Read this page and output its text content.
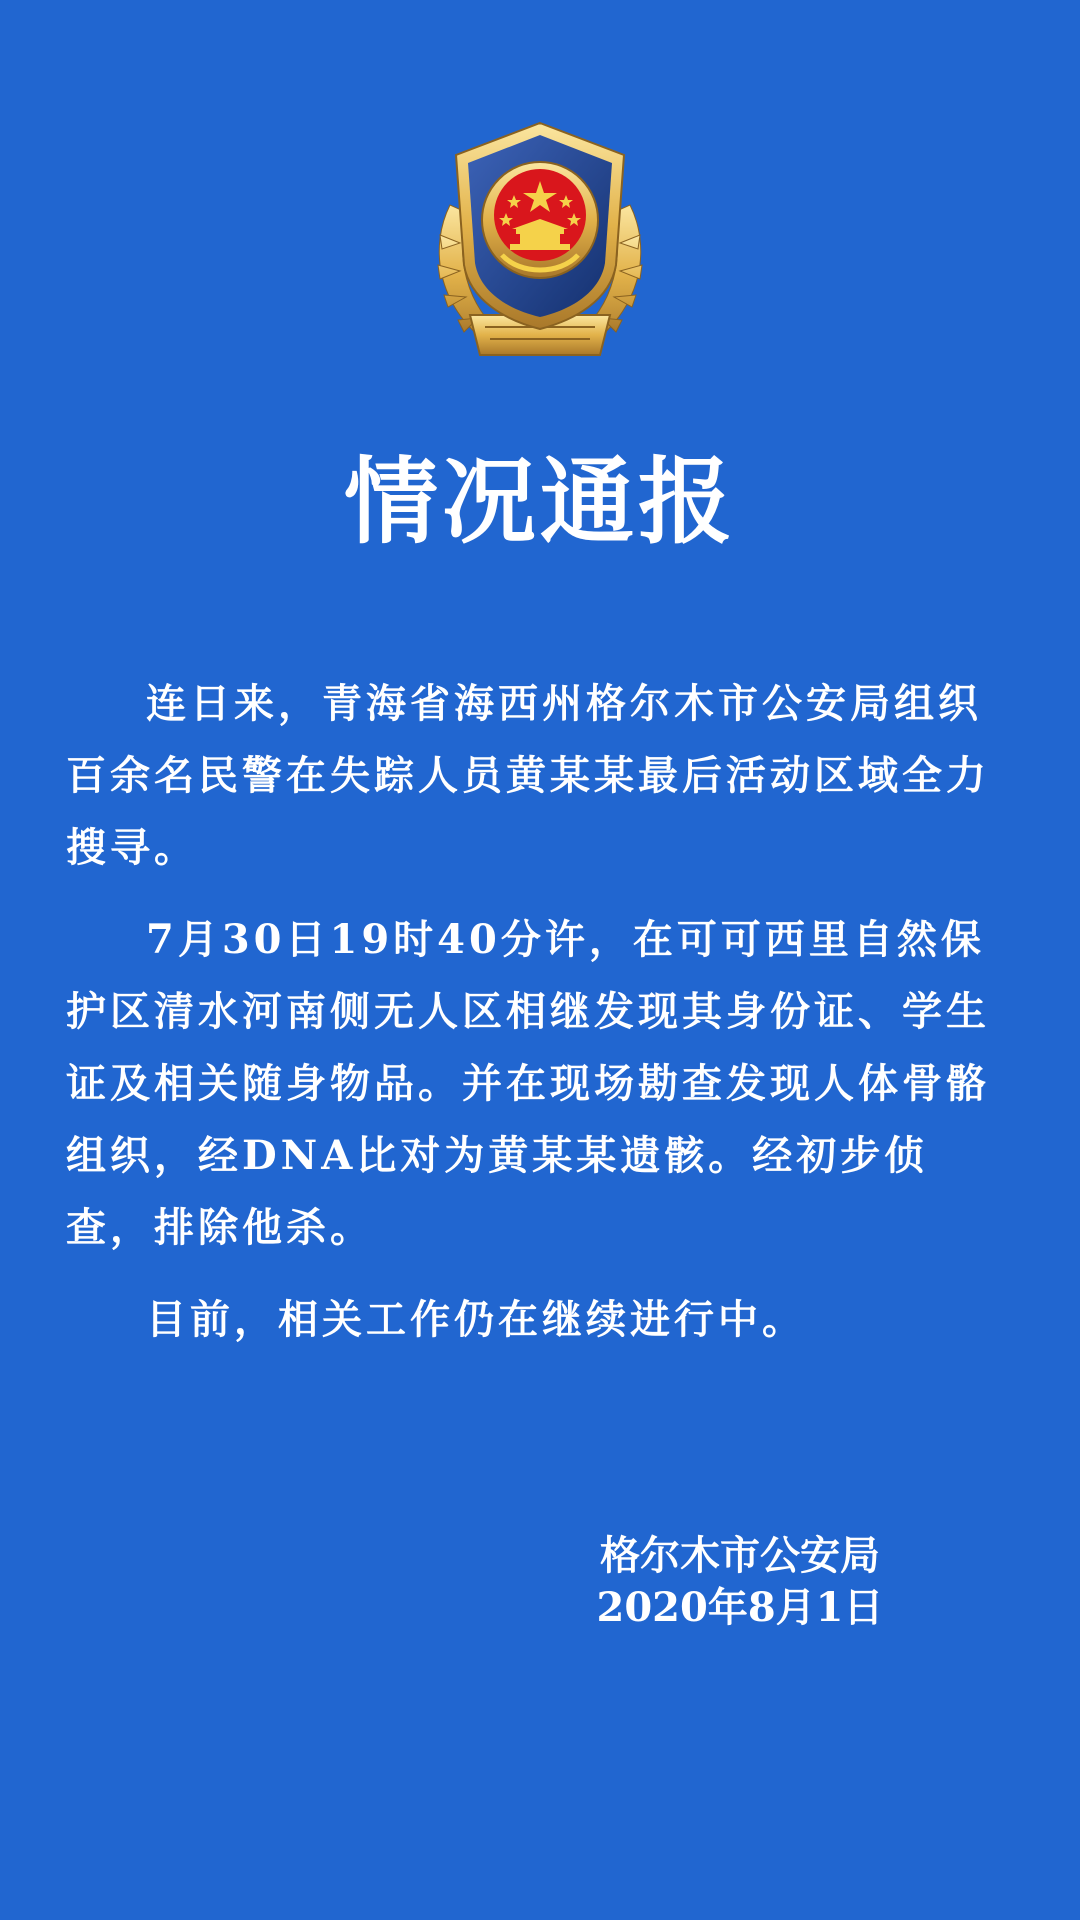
情况通报

连日来，青海省海西州格尔木市公安局组织百余名民警在失踪人员黄某某最后活动区域全力搜寻。

7月30日19时40分许，在可可西里自然保护区清水河南侧无人区相继发现其身份证、学生证及相关随身物品。并在现场勘查发现人体骨骼组织，经DNA比对为黄某某遗骸。经初步侦查，排除他杀。

目前，相关工作仍在继续进行中。

格尔木市公安局
2020年8月1日
